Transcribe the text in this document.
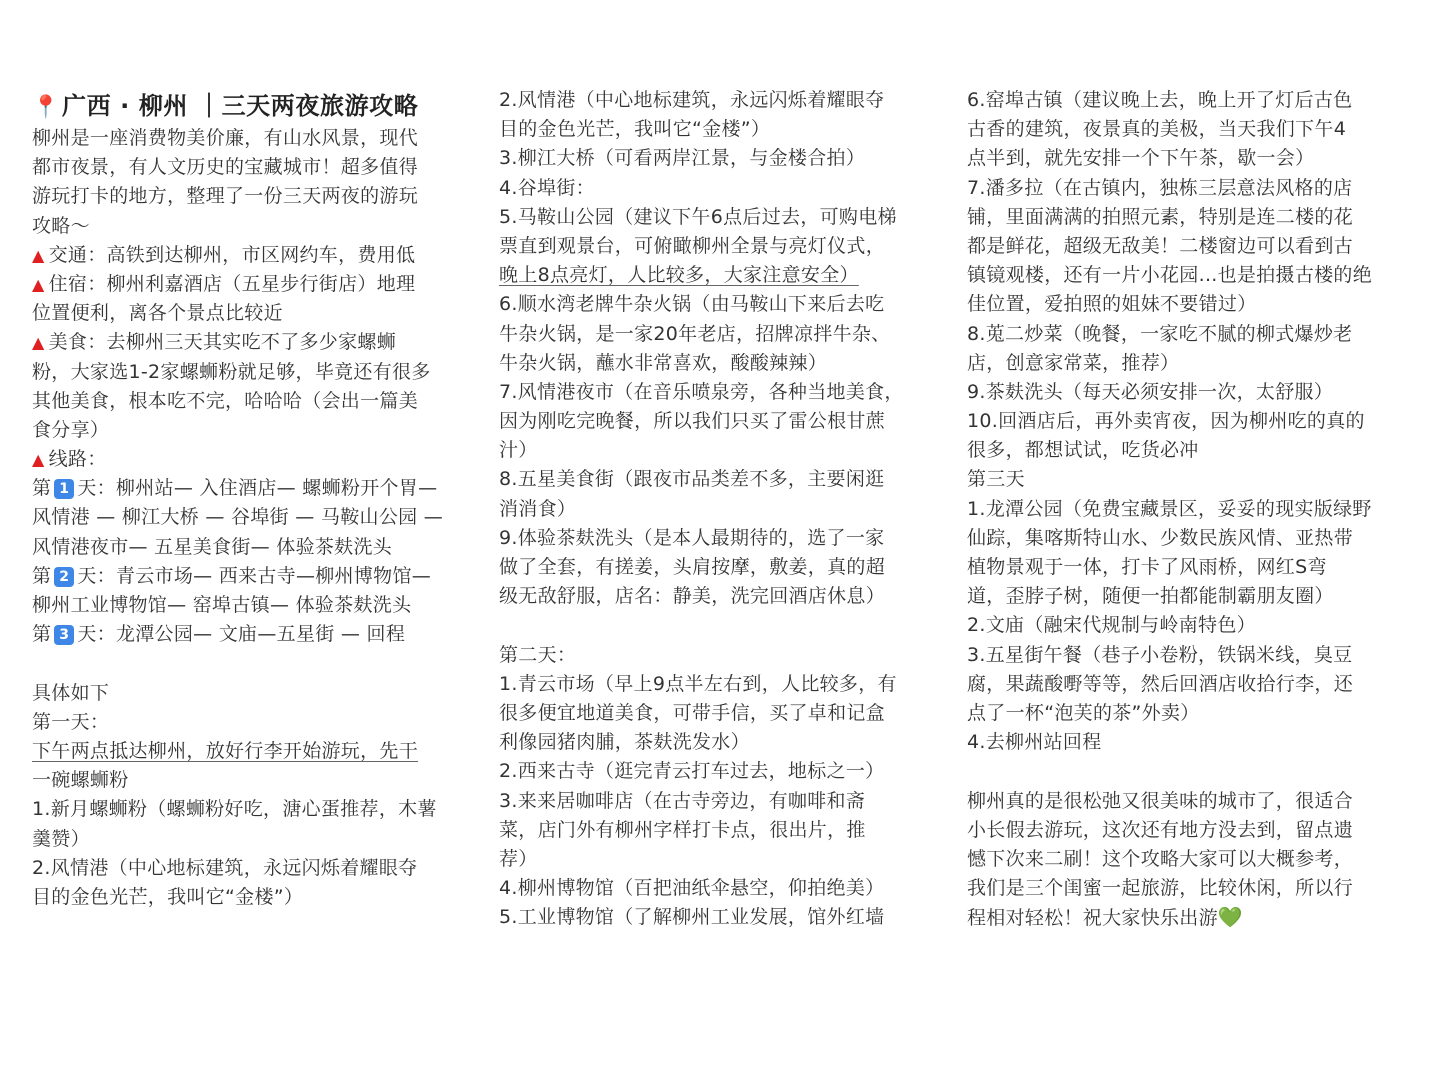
📍广西 · 柳州 ｜三天两夜旅游攻略
柳州是一座消费物美价廉，有山水风景，现代
都市夜景，有人文历史的宝藏城市！超多值得
游玩打卡的地方，整理了一份三天两夜的游玩
攻略～
▲ 交通：高铁到达柳州，市区网约车，费用低
▲ 住宿：柳州利嘉酒店（五星步行街店）地理
位置便利，离各个景点比较近
▲ 美食：去柳州三天其实吃不了多少家螺蛳
粉，大家选1-2家螺蛳粉就足够，毕竟还有很多
其他美食，根本吃不完，哈哈哈（会出一篇美
食分享）
▲ 线路：
第 1 天：柳州站— 入住酒店— 螺蛳粉开个胃—
风情港 — 柳江大桥 — 谷埠街 — 马鞍山公园 —
风情港夜市— 五星美食街— 体验茶麸洗头
第 2 天：青云市场— 西来古寺—柳州博物馆—
柳州工业博物馆— 窑埠古镇— 体验茶麸洗头
第 3 天：龙潭公园— 文庙—五星街 — 回程
具体如下
第一天：
下午两点抵达柳州，放好行李开始游玩，先干
一碗螺蛳粉
1.新月螺蛳粉（螺蛳粉好吃，溏心蛋推荐，木薯
羹赞）
2.风情港（中心地标建筑，永远闪烁着耀眼夺
目的金色光芒，我叫它“金楼”）
2.风情港（中心地标建筑，永远闪烁着耀眼夺
目的金色光芒，我叫它“金楼”）
3.柳江大桥（可看两岸江景，与金楼合拍）
4.谷埠街：
5.马鞍山公园（建议下午6点后过去，可购电梯
票直到观景台，可俯瞰柳州全景与亮灯仪式，
晚上8点亮灯，人比较多，大家注意安全）
6.顺水湾老牌牛杂火锅（由马鞍山下来后去吃
牛杂火锅，是一家20年老店，招牌凉拌牛杂、
牛杂火锅，蘸水非常喜欢，酸酸辣辣）
7.风情港夜市（在音乐喷泉旁，各种当地美食，
因为刚吃完晚餐，所以我们只买了雷公根甘蔗
汁）
8.五星美食街（跟夜市品类差不多，主要闲逛
消消食）
9.体验茶麸洗头（是本人最期待的，选了一家
做了全套，有搓姜，头肩按摩，敷姜，真的超
级无敌舒服，店名：静美，洗完回酒店休息）
第二天：
1.青云市场（早上9点半左右到，人比较多，有
很多便宜地道美食，可带手信，买了卓和记盒
利像园猪肉脯，茶麸洗发水）
2.西来古寺（逛完青云打车过去，地标之一）
3.来来居咖啡店（在古寺旁边，有咖啡和斋
菜，店门外有柳州字样打卡点，很出片，推
荐）
4.柳州博物馆（百把油纸伞悬空，仰拍绝美）
5.工业博物馆（了解柳州工业发展，馆外红墙
6.窑埠古镇（建议晚上去，晚上开了灯后古色
古香的建筑，夜景真的美极，当天我们下午4
点半到，就先安排一个下午茶，歇一会）
7.潘多拉（在古镇内，独栋三层意法风格的店
铺，里面满满的拍照元素，特别是连二楼的花
都是鲜花，超级无敌美！二楼窗边可以看到古
镇镜观楼，还有一片小花园...也是拍摄古楼的绝
佳位置，爱拍照的姐妹不要错过）
8.莵二炒菜（晚餐，一家吃不腻的柳式爆炒老
店，创意家常菜，推荐）
9.茶麸洗头（每天必须安排一次，太舒服）
10.回酒店后，再外卖宵夜，因为柳州吃的真的
很多，都想试试，吃货必冲
第三天
1.龙潭公园（免费宝藏景区，妥妥的现实版绿野
仙踪，集喀斯特山水、少数民族风情、亚热带
植物景观于一体，打卡了风雨桥，网红S弯
道，歪脖子树，随便一拍都能制霸朋友圈）
2.文庙（融宋代规制与岭南特色）
3.五星街午餐（巷子小卷粉，铁锅米线，臭豆
腐，果蔬酸嘢等等，然后回酒店收拾行李，还
点了一杯“泡芙的茶”外卖）
4.去柳州站回程
柳州真的是很松弛又很美味的城市了，很适合
小长假去游玩，这次还有地方没去到，留点遗
憾下次来二刷！这个攻略大家可以大概参考，
我们是三个闺蜜一起旅游，比较休闲，所以行
程相对轻松！祝大家快乐出游💚
